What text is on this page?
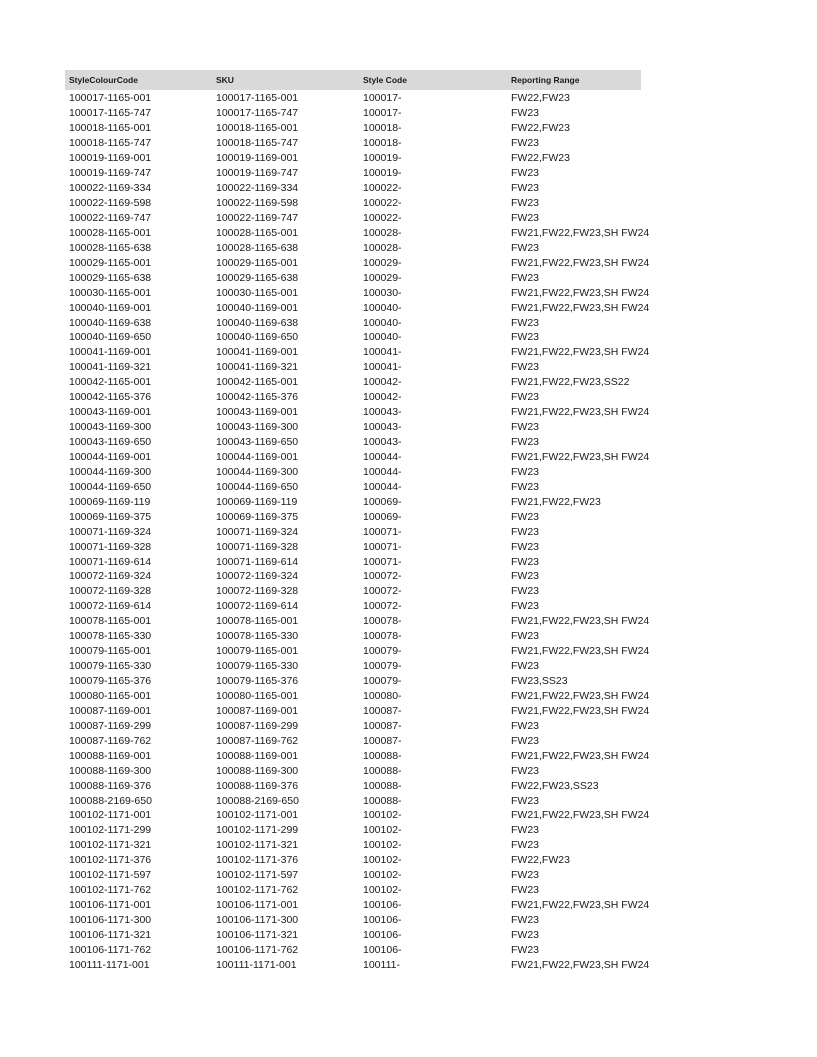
StyleColourCode	SKU	Style Code	Reporting Range
100017-1165-001	100017-1165-001	100017-	FW22,FW23
100017-1165-747	100017-1165-747	100017-	FW23
100018-1165-001	100018-1165-001	100018-	FW22,FW23
100018-1165-747	100018-1165-747	100018-	FW23
100019-1169-001	100019-1169-001	100019-	FW22,FW23
100019-1169-747	100019-1169-747	100019-	FW23
100022-1169-334	100022-1169-334	100022-	FW23
100022-1169-598	100022-1169-598	100022-	FW23
100022-1169-747	100022-1169-747	100022-	FW23
100028-1165-001	100028-1165-001	100028-	FW21,FW22,FW23,SH FW24
100028-1165-638	100028-1165-638	100028-	FW23
100029-1165-001	100029-1165-001	100029-	FW21,FW22,FW23,SH FW24
100029-1165-638	100029-1165-638	100029-	FW23
100030-1165-001	100030-1165-001	100030-	FW21,FW22,FW23,SH FW24
100040-1169-001	100040-1169-001	100040-	FW21,FW22,FW23,SH FW24
100040-1169-638	100040-1169-638	100040-	FW23
100040-1169-650	100040-1169-650	100040-	FW23
100041-1169-001	100041-1169-001	100041-	FW21,FW22,FW23,SH FW24
100041-1169-321	100041-1169-321	100041-	FW23
100042-1165-001	100042-1165-001	100042-	FW21,FW22,FW23,SS22
100042-1165-376	100042-1165-376	100042-	FW23
100043-1169-001	100043-1169-001	100043-	FW21,FW22,FW23,SH FW24
100043-1169-300	100043-1169-300	100043-	FW23
100043-1169-650	100043-1169-650	100043-	FW23
100044-1169-001	100044-1169-001	100044-	FW21,FW22,FW23,SH FW24
100044-1169-300	100044-1169-300	100044-	FW23
100044-1169-650	100044-1169-650	100044-	FW23
100069-1169-119	100069-1169-119	100069-	FW21,FW22,FW23
100069-1169-375	100069-1169-375	100069-	FW23
100071-1169-324	100071-1169-324	100071-	FW23
100071-1169-328	100071-1169-328	100071-	FW23
100071-1169-614	100071-1169-614	100071-	FW23
100072-1169-324	100072-1169-324	100072-	FW23
100072-1169-328	100072-1169-328	100072-	FW23
100072-1169-614	100072-1169-614	100072-	FW23
100078-1165-001	100078-1165-001	100078-	FW21,FW22,FW23,SH FW24
100078-1165-330	100078-1165-330	100078-	FW23
100079-1165-001	100079-1165-001	100079-	FW21,FW22,FW23,SH FW24
100079-1165-330	100079-1165-330	100079-	FW23
100079-1165-376	100079-1165-376	100079-	FW23,SS23
100080-1165-001	100080-1165-001	100080-	FW21,FW22,FW23,SH FW24
100087-1169-001	100087-1169-001	100087-	FW21,FW22,FW23,SH FW24
100087-1169-299	100087-1169-299	100087-	FW23
100087-1169-762	100087-1169-762	100087-	FW23
100088-1169-001	100088-1169-001	100088-	FW21,FW22,FW23,SH FW24
100088-1169-300	100088-1169-300	100088-	FW23
100088-1169-376	100088-1169-376	100088-	FW22,FW23,SS23
100088-2169-650	100088-2169-650	100088-	FW23
100102-1171-001	100102-1171-001	100102-	FW21,FW22,FW23,SH FW24
100102-1171-299	100102-1171-299	100102-	FW23
100102-1171-321	100102-1171-321	100102-	FW23
100102-1171-376	100102-1171-376	100102-	FW22,FW23
100102-1171-597	100102-1171-597	100102-	FW23
100102-1171-762	100102-1171-762	100102-	FW23
100106-1171-001	100106-1171-001	100106-	FW21,FW22,FW23,SH FW24
100106-1171-300	100106-1171-300	100106-	FW23
100106-1171-321	100106-1171-321	100106-	FW23
100106-1171-762	100106-1171-762	100106-	FW23
100111-1171-001	100111-1171-001	100111-	FW21,FW22,FW23,SH FW24
